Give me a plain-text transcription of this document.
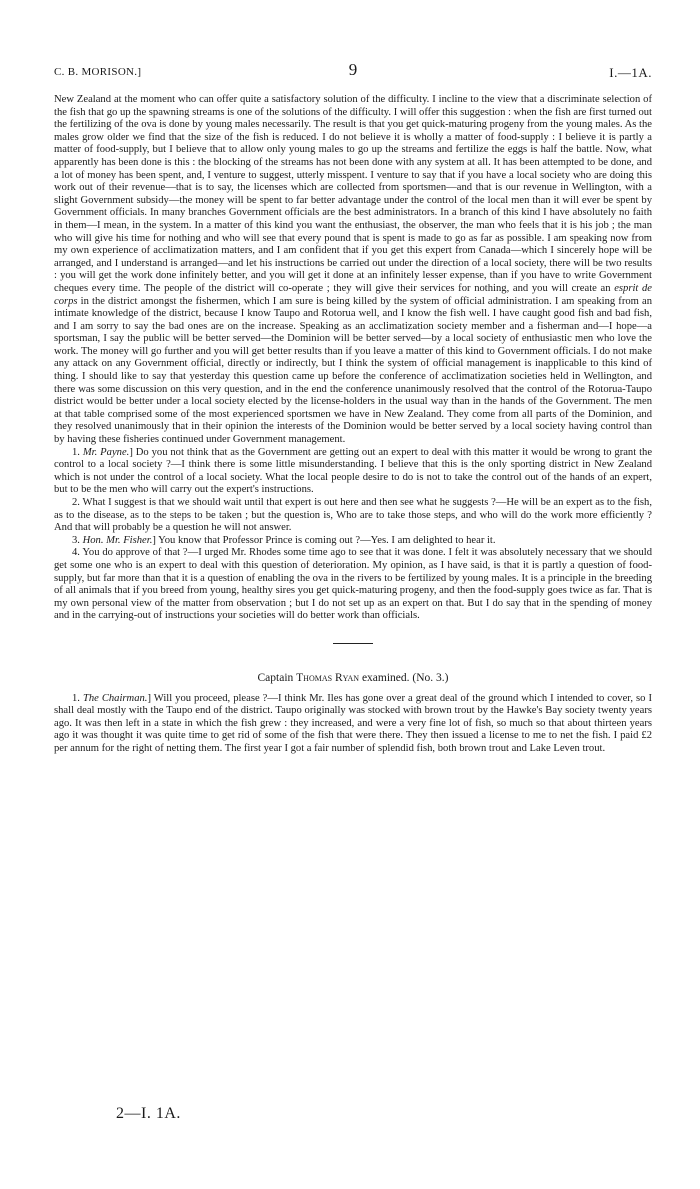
C. B. MORISON.]	9	I.—1A.

New Zealand at the moment who can offer quite a satisfactory solution of the difficulty. I incline to the view that a discriminate selection of the fish that go up the spawning streams is one of the solutions of the difficulty. I will offer this suggestion : when the fish are first turned out the fertilizing of the ova is done by young males necessarily. The result is that you get quick-maturing progeny from the young males. As the males grow older we find that the size of the fish is reduced. I do not believe it is wholly a matter of food-supply : I believe it is partly a matter of food-supply, but I believe that to allow only young males to go up the streams and fertilize the eggs is half the battle. Now, what apparently has been done is this : the blocking of the streams has not been done with any system at all. It has been attempted to be done, and a lot of money has been spent, and, I venture to suggest, utterly misspent. I venture to say that if you have a local society who are doing this work out of their revenue—that is to say, the licenses which are collected from sportsmen—and that is our revenue in Wellington, with a slight Government subsidy—the money will be spent to far better advantage under the control of the local men than it will ever be spent by Government officials. In many branches Government officials are the best administrators. In a branch of this kind I have absolutely no faith in them—I mean, in the system. In a matter of this kind you want the enthusiast, the observer, the man who feels that it is his job ; the man who will give his time for nothing and who will see that every pound that is spent is made to go as far as possible. I am speaking now from my own experience of acclimatization matters, and I am confident that if you get this expert from Canada—which I sincerely hope will be arranged, and I understand is arranged—and let his instructions be carried out under the direction of a local society, there will be two results : you will get the work done infinitely better, and you will get it done at an infinitely lesser expense, than if you have to write Government cheques every time. The people of the district will co-operate ; they will give their services for nothing, and you will create an esprit de corps in the district amongst the fishermen, which I am sure is being killed by the system of official administration. I am speaking from an intimate knowledge of the district, because I know Taupo and Rotorua well, and I know the fish well. I have caught good fish and bad fish, and I am sorry to say the bad ones are on the increase. Speaking as an acclimatization society member and a fisherman and—I hope—a sportsman, I say the public will be better served—the Dominion will be better served—by a local society of enthusiastic men who love the work. The money will go further and you will get better results than if you leave a matter of this kind to Government officials. I do not make any attack on any Government official, directly or indirectly, but I think the system of official management is inapplicable to this kind of thing. I should like to say that yesterday this question came up before the conference of acclimatization societies held in Wellington, and there was some discussion on this very question, and in the end the conference unanimously resolved that the control of the Rotorua-Taupo district would be better under a local society elected by the license-holders in the usual way than in the hands of the Government. The men at that table comprised some of the most experienced sportsmen we have in New Zealand. They come from all parts of the Dominion, and they resolved unanimously that in their opinion the interests of the Dominion would be better served by a local society having control than by having these fisheries continued under Government management.

1. Mr. Payne.] Do you not think that as the Government are getting out an expert to deal with this matter it would be wrong to grant the control to a local society ?—I think there is some little misunderstanding. I believe that this is the only sporting district in New Zealand which is not under the control of a local society. What the local people desire to do is not to take the control out of the hands of an expert, but to be the men who will carry out the expert's instructions.

2. What I suggest is that we should wait until that expert is out here and then see what he suggests ?—He will be an expert as to the fish, as to the disease, as to the steps to be taken ; but the question is, Who are to take those steps, and who will do the work more efficiently ? And that will probably be a question he will not answer.

3. Hon. Mr. Fisher.] You know that Professor Prince is coming out ?—Yes. I am delighted to hear it.

4. You do approve of that ?—I urged Mr. Rhodes some time ago to see that it was done. I felt it was absolutely necessary that we should get some one who is an expert to deal with this question of deterioration. My opinion, as I have said, is that it is partly a question of food-supply, but far more than that it is a question of enabling the ova in the rivers to be fertilized by young males. It is a principle in the breeding of all animals that if you breed from young, healthy sires you get quick-maturing progeny, and then the food-supply goes twice as far. That is my own personal view of the matter from observation ; but I do not set up as an expert on that. But I do say that in the spending of money and in the carrying-out of instructions your societies will do better work than officials.

Captain Thomas Ryan examined. (No. 3.)

1. The Chairman.] Will you proceed, please ?—I think Mr. Iles has gone over a great deal of the ground which I intended to cover, so I shall deal mostly with the Taupo end of the district. Taupo originally was stocked with brown trout by the Hawke's Bay society twenty years ago. It was then left in a state in which the fish grew : they increased, and were a very fine lot of fish, so much so that about thirteen years ago it was thought it was quite time to get rid of some of the fish that were there. They then issued a license to me to net the fish. I paid £2 per annum for the right of netting them. The first year I got a fair number of splendid fish, both brown trout and Lake Leven trout.

2—I. 1A.
